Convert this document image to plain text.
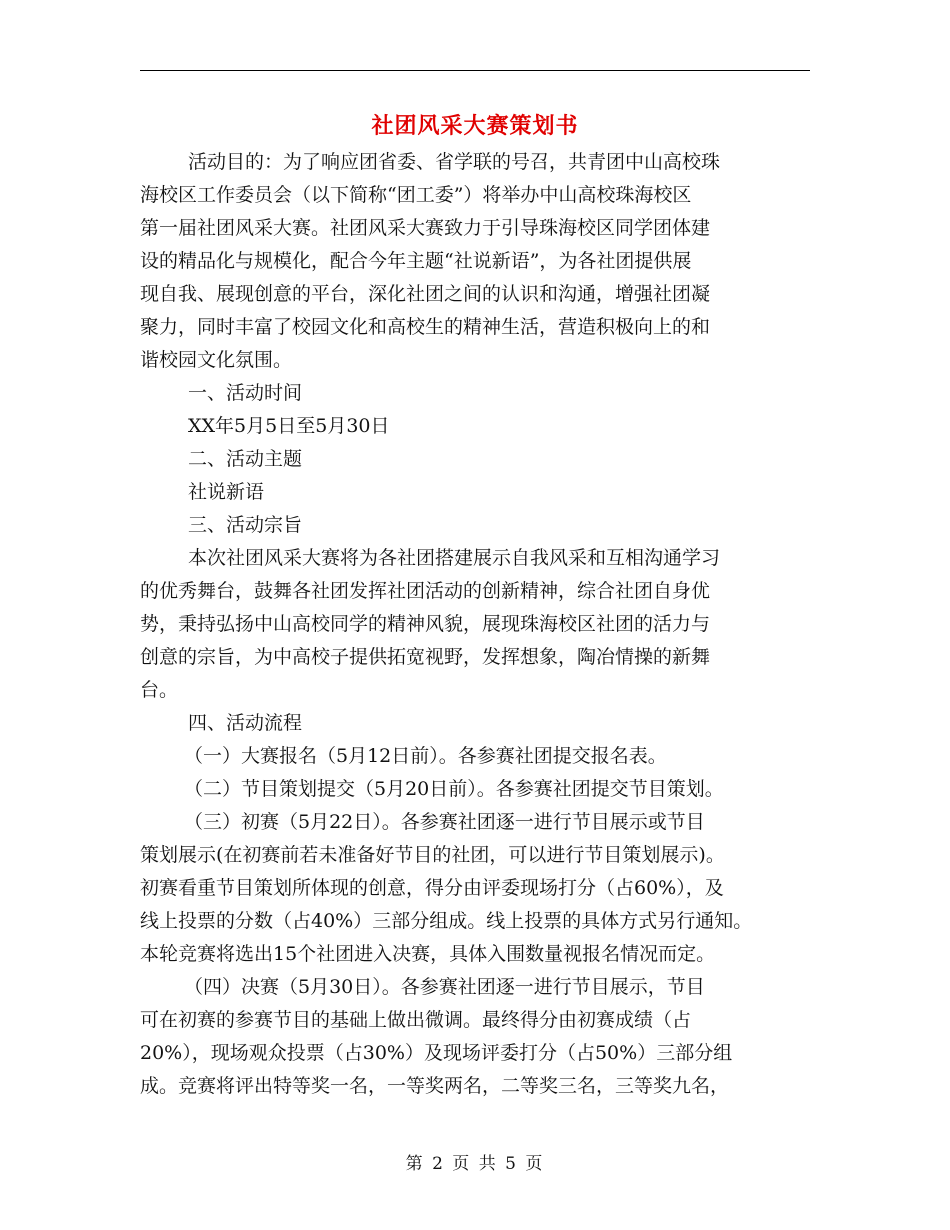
社团风采大赛策划书
活动目的：为了响应团省委、省学联的号召，共青团中山高校珠
海校区工作委员会（以下简称“团工委”）将举办中山高校珠海校区
第一届社团风采大赛。社团风采大赛致力于引导珠海校区同学团体建
设的精品化与规模化，配合今年主题“社说新语”，为各社团提供展
现自我、展现创意的平台，深化社团之间的认识和沟通，增强社团凝
聚力，同时丰富了校园文化和高校生的精神生活，营造积极向上的和
谐校园文化氛围。
一、活动时间
XX年5月5日至5月30日
二、活动主题
社说新语
三、活动宗旨
本次社团风采大赛将为各社团搭建展示自我风采和互相沟通学习
的优秀舞台，鼓舞各社团发挥社团活动的创新精神，综合社团自身优
势，秉持弘扬中山高校同学的精神风貌，展现珠海校区社团的活力与
创意的宗旨，为中高校子提供拓宽视野，发挥想象，陶冶情操的新舞
台。
四、活动流程
（一）大赛报名（5月12日前）。各参赛社团提交报名表。
（二）节目策划提交（5月20日前）。各参赛社团提交节目策划。
（三）初赛（5月22日）。各参赛社团逐一进行节目展示或节目
策划展示(在初赛前若未准备好节目的社团，可以进行节目策划展示)。
初赛看重节目策划所体现的创意，得分由评委现场打分（占60%），及
线上投票的分数（占40%）三部分组成。线上投票的具体方式另行通知。
本轮竞赛将选出15个社团进入决赛，具体入围数量视报名情况而定。
（四）决赛（5月30日）。各参赛社团逐一进行节目展示，节目
可在初赛的参赛节目的基础上做出微调。最终得分由初赛成绩（占
20%），现场观众投票（占30%）及现场评委打分（占50%）三部分组
成。竞赛将评出特等奖一名，一等奖两名，二等奖三名，三等奖九名，
第 2 页 共 5 页
